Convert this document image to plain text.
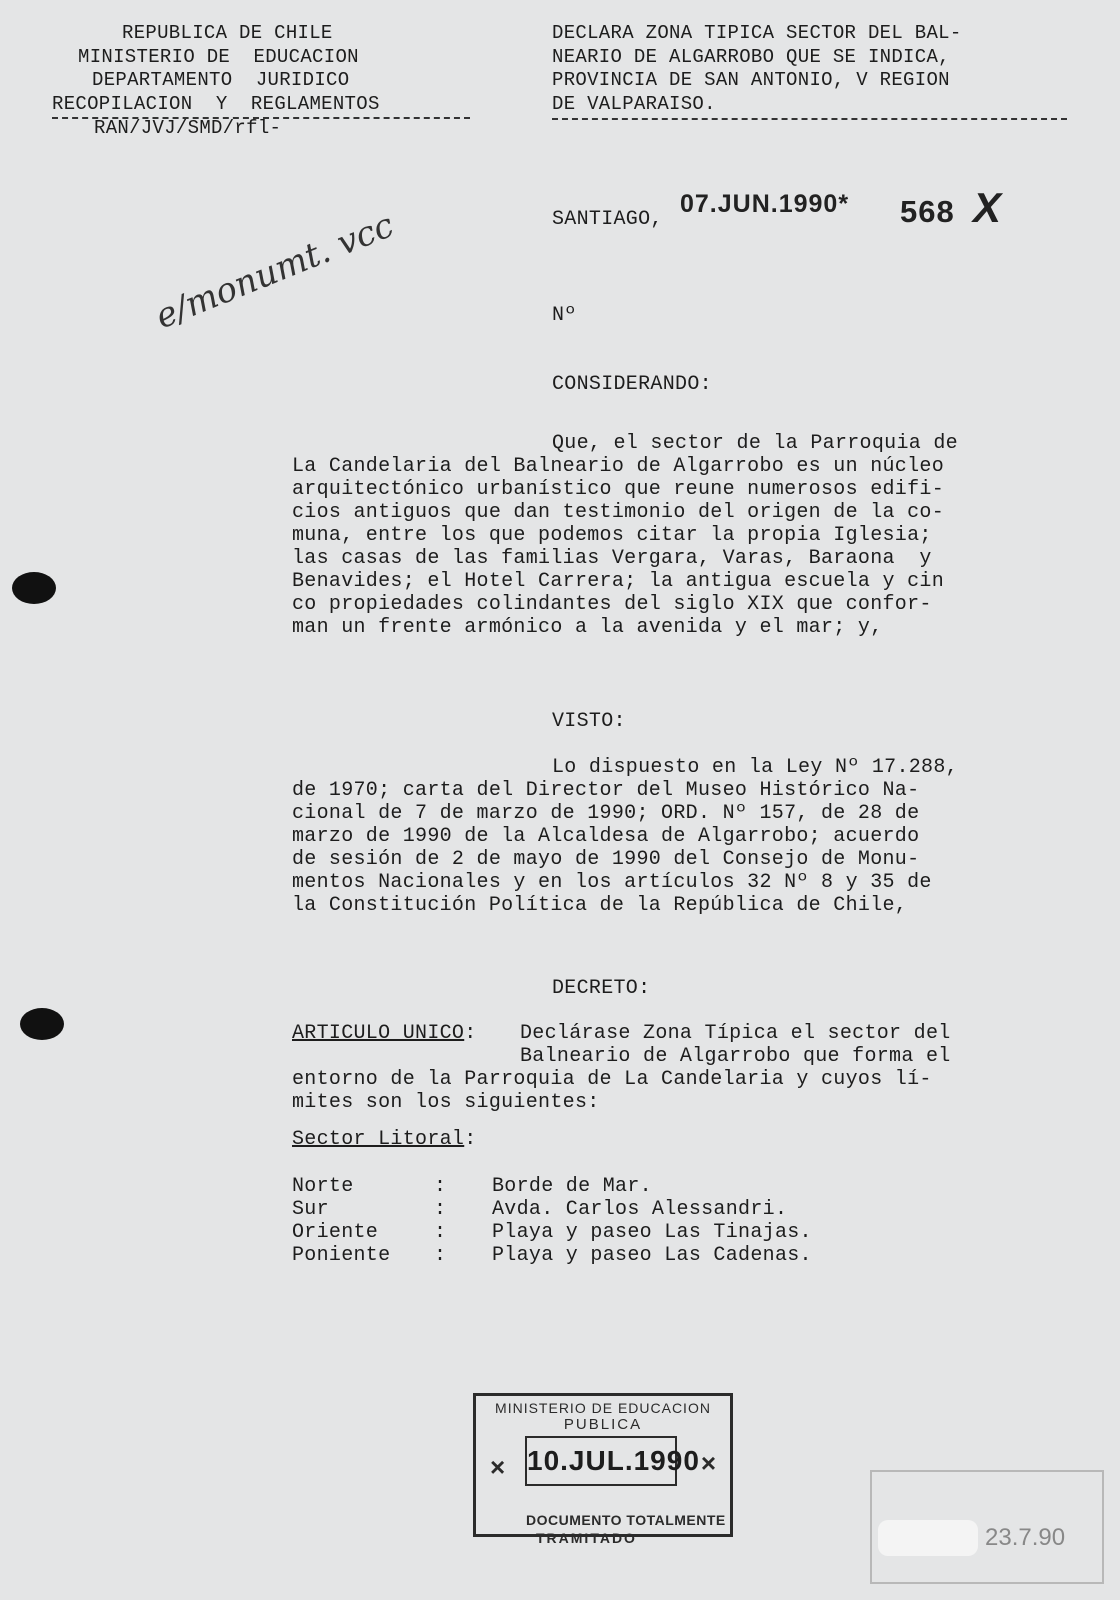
REPUBLICA DE CHILE
MINISTERIO DE  EDUCACION
DEPARTAMENTO  JURIDICO
RECOPILACION  Y  REGLAMENTOS
RAN/JVJ/SMD/rfl-
DECLARA ZONA TIPICA SECTOR DEL BAL-
NEARIO DE ALGARROBO QUE SE INDICA,
PROVINCIA DE SAN ANTONIO, V REGION
DE VALPARAISO.
e/monumt. vcc	SANTIAGO,
07.JUN.1990* 568 X
Nº
CONSIDERANDO:
Que, el sector de la Parroquia de
La Candelaria del Balneario de Algarrobo es un núcleo
arquitectónico urbanístico que reune numerosos edifi-
cios antiguos que dan testimonio del origen de la co-
muna, entre los que podemos citar la propia Iglesia;
las casas de las familias Vergara, Varas, Baraona  y
Benavides; el Hotel Carrera; la antigua escuela y cin
co propiedades colindantes del siglo XIX que confor-
man un frente armónico a la avenida y el mar; y,
VISTO:
Lo dispuesto en la Ley Nº 17.288,
de 1970; carta del Director del Museo Histórico Na-
cional de 7 de marzo de 1990; ORD. Nº 157, de 28 de
marzo de 1990 de la Alcaldesa de Algarrobo; acuerdo
de sesión de 2 de mayo de 1990 del Consejo de Monu-
mentos Nacionales y en los artículos 32 Nº 8 y 35 de
la Constitución Política de la República de Chile,
DECRETO:
ARTICULO UNICO: Declárase Zona Típica el sector del
Balneario de Algarrobo que forma el
entorno de la Parroquia de La Candelaria y cuyos lí-
mites son los siguientes:
Sector Litoral:
Norte	: Borde de Mar.
Sur	: Avda. Carlos Alessandri.
Oriente	: Playa y paseo Las Tinajas.
Poniente : Playa y paseo Las Cadenas.
MINISTERIO DE EDUCACION
PUBLICA
×	×
DOCUMENTO TOTALMENTE
TRAMITADO
10.JUL.1990
23.7.90
